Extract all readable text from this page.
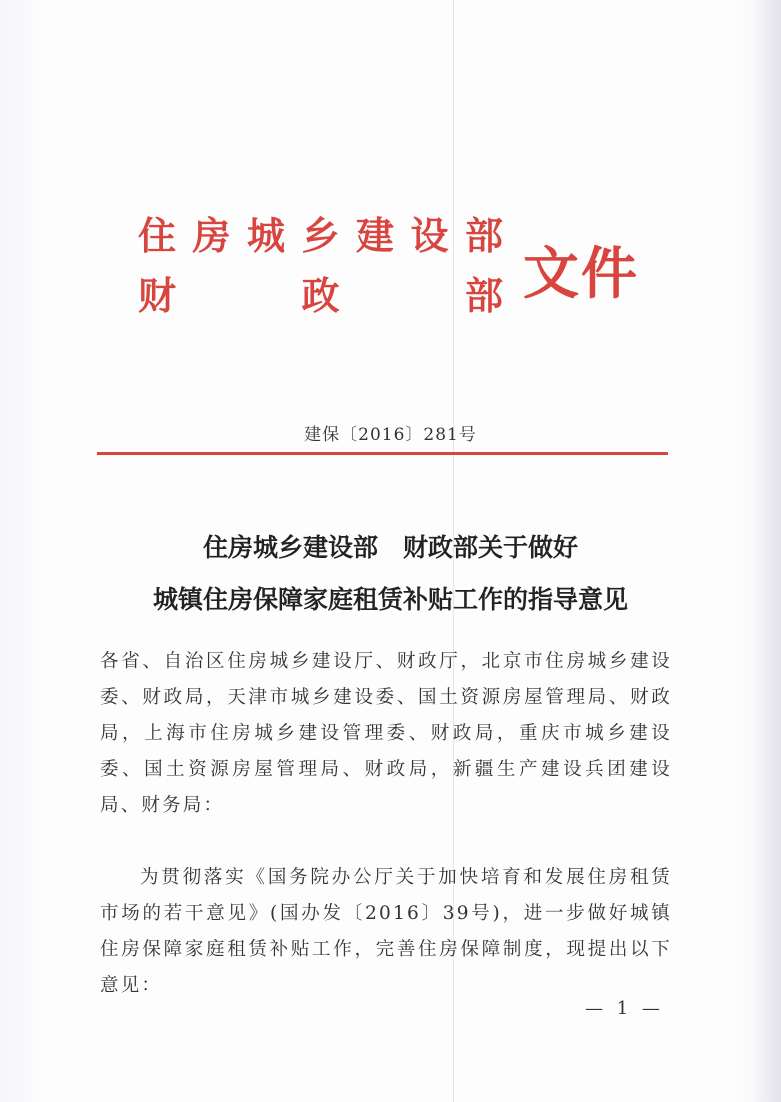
住 房 城 乡 建 设 部
财	政	部 文件
建保〔2016〕281号
住房城乡建设部　财政部关于做好
城镇住房保障家庭租赁补贴工作的指导意见
各省、自治区住房城乡建设厅、财政厅，北京市住房城乡建设委、财政局，天津市城乡建设委、国土资源房屋管理局、财政局，上海市住房城乡建设管理委、财政局，重庆市城乡建设委、国土资源房屋管理局、财政局，新疆生产建设兵团建设局、财务局：
为贯彻落实《国务院办公厅关于加快培育和发展住房租赁市场的若干意见》(国办发〔2016〕39号)，进一步做好城镇住房保障家庭租赁补贴工作，完善住房保障制度，现提出以下意见：
— 1 —
